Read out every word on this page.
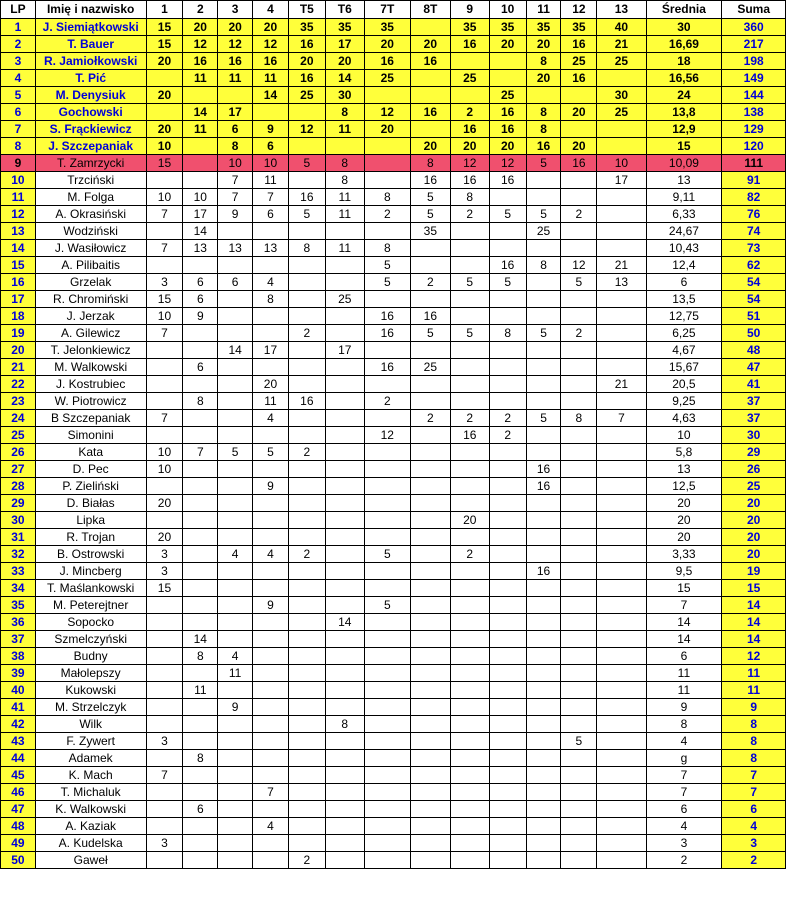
LP	Imię i nazwisko	1	2	3	4	T5	T6	7T	8T	9	10	11	12	13	Średnia	Suma
1	J. Siemiątkowski	15	20	20	20	35	35	35		35	35	35	35	40	30	360
2	T. Bauer	15	12	12	12	16	17	20	20	16	20	20	16	21	16,69	217
3	R. Jamiołkowski	20	16	16	16	20	20	16	16			8	25	25	18	198
4	T. Pić		11	11	11	16	14	25		25		20	16		16,56	149
5	M. Denysiuk	20			14	25	30				25			30	24	144
6	Gochowski		14	17			8	12	16	2	16	8	20	25	13,8	138
7	S. Frąckiewicz	20	11	6	9	12	11	20		16	16	8			12,9	129
8	J. Szczepaniak	10		8	6				20	20	20	16	20		15	120
9	T. Zamrzycki	15		10	10	5	8		8	12	12	5	16	10	10,09	111
10	Trzciński			7	11		8		16	16	16			17	13	91
11	M. Folga	10	10	7	7	16	11	8	5	8					9,11	82
12	A. Okrasiński	7	17	9	6	5	11	2	5	2	5	5	2		6,33	76
13	Wodziński		14						35			25			24,67	74
14	J. Wasiłowicz	7	13	13	13	8	11	8							10,43	73
15	A. Pilibaitis							5			16	8	12	21	12,4	62
16	Grzelak	3	6	6	4			5	2	5	5		5	13	6	54
17	R. Chromiński	15	6		8		25								13,5	54
18	J. Jerzak	10	9					16	16						12,75	51
19	A. Gilewicz	7				2		16	5	5	8	5	2		6,25	50
20	T. Jelonkiewicz			14	17		17								4,67	48
21	M. Walkowski		6					16	25						15,67	47
22	J. Kostrubiec				20									21	20,5	41
23	W. Piotrowicz		8		11	16		2							9,25	37
24	B Szczepaniak	7			4				2	2	2	5	8	7	4,63	37
25	Simonini							12		16	2				10	30
26	Kata	10	7	5	5	2									5,8	29
27	D. Pec	10										16			13	26
28	P. Zieliński				9							16			12,5	25
29	D. Białas	20													20	20
30	Lipka									20					20	20
31	R. Trojan	20													20	20
32	B. Ostrowski	3		4	4	2		5		2					3,33	20
33	J. Mincberg	3										16			9,5	19
34	T. Maślankowski	15													15	15
35	M. Peterejtner				9			5							7	14
36	Sopocko						14								14	14
37	Szmelczyński		14												14	14
38	Budny		8	4											6	12
39	Małolepszy			11											11	11
40	Kukowski		11												11	11
41	M. Strzelczyk			9											9	9
42	Wilk						8								8	8
43	F. Zywert	3											5		4	8
44	Adamek		8												g	8
45	K. Mach	7													7	7
46	T. Michaluk				7										7	7
47	K. Walkowski		6												6	6
48	A. Kaziak				4										4	4
49	A. Kudelska	3													3	3
50	Gaweł					2									2	2
